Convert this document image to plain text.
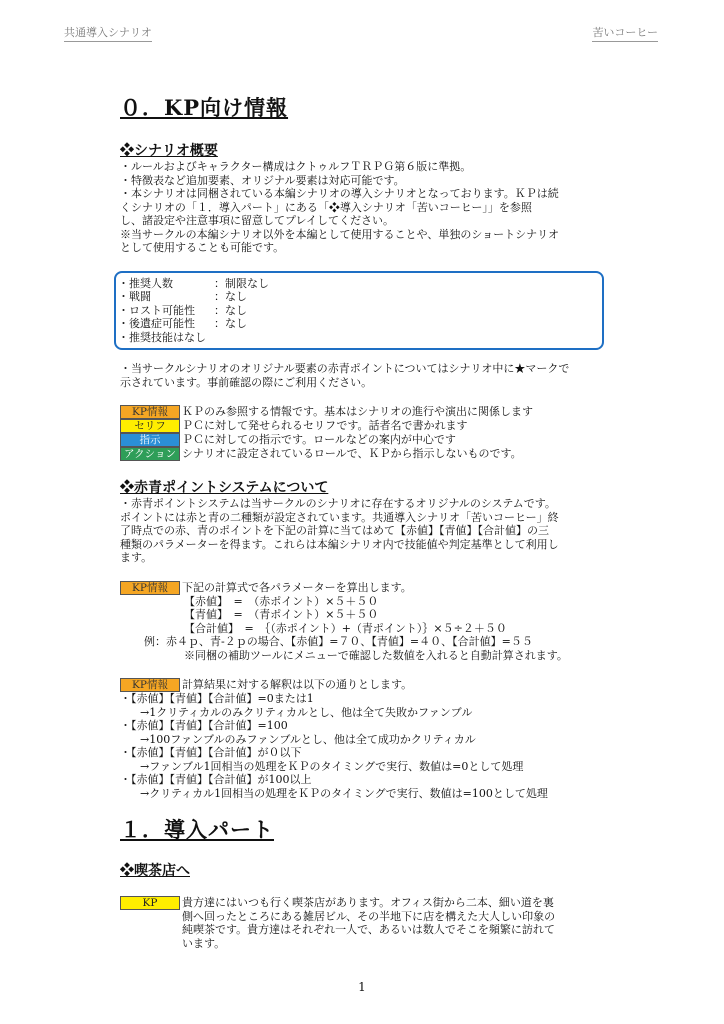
共通導入シナリオ	苦いコーヒー

０．KP向け情報

❖シナリオ概要

・ルールおよびキャラクター構成はクトゥルフＴＲＰＧ第６版に準拠。

・特徴表など追加要素、オリジナル要素は対応可能です。

・本シナリオは同梱されている本編シナリオの導入シナリオとなっております。ＫＰは続

くシナリオの「１．導入パート」にある「❖導入シナリオ「苦いコーヒー」」を参照

し、諸設定や注意事項に留意してプレイしてください。

※当サークルの本編シナリオ以外を本編として使用することや、単独のショートシナリオ

として使用することも可能です。

・推奨人数	：制限なし
・戦闘	：なし
・ロスト可能性	：なし
・後遺症可能性	：なし
・推奨技能はなし

・当サークルシナリオのオリジナル要素の赤青ポイントについてはシナリオ中に★マークで

示されています。事前確認の際にご利用ください。

KP情報	ＫＰのみ参照する情報です。基本はシナリオの進行や演出に関係します
セリフ	ＰＣに対して発せられるセリフです。話者名で書かれます
指示	ＰＣに対しての指示です。ロールなどの案内が中心です
アクション シナリオに設定されているロールで、ＫＰから指示しないものです。

❖赤青ポイントシステムについて

・赤青ポイントシステムは当サークルのシナリオに存在するオリジナルのシステムです。

ポイントには赤と青の二種類が設定されています。共通導入シナリオ「苦いコーヒー」終

了時点での赤、青のポイントを下記の計算に当てはめて【赤値】【青値】【合計値】の三

種類のパラメーターを得ます。これらは本編シナリオ内で技能値や判定基準として利用し

ます。

KP情報	下記の計算式で各パラメーターを算出します。

【赤値】　=　（赤ポイント）×５＋５０

【青値】　=　（青ポイント）×５＋５０

【合計値】　=　｛（赤ポイント）+（青ポイント）｝×５÷２＋５０

例：赤４ｐ、青-２ｐの場合、【赤値】=７０、【青値】=４０、【合計値】=５５

※同梱の補助ツールにメニューで確認した数値を入れると自動計算されます。

KP情報	計算結果に対する解釈は以下の通りとします。

・【赤値】【青値】【合計値】=0または1

→1クリティカルのみクリティカルとし、他は全て失敗かファンブル

・【赤値】【青値】【合計値】=100

→100ファンブルのみファンブルとし、他は全て成功かクリティカル

・【赤値】【青値】【合計値】が０以下

→ファンブル1回相当の処理をＫＰのタイミングで実行、数値は=0として処理

・【赤値】【青値】【合計値】が100以上

→クリティカル1回相当の処理をＫＰのタイミングで実行、数値は=100として処理

１．導入パート

❖喫茶店へ

KP	貴方達にはいつも行く喫茶店があります。オフィス街から二本、細い道を裏

側へ回ったところにある雑居ビル、その半地下に店を構えた大人しい印象の

純喫茶です。貴方達はそれぞれ一人で、あるいは数人でそこを頻繁に訪れて

います。

1
